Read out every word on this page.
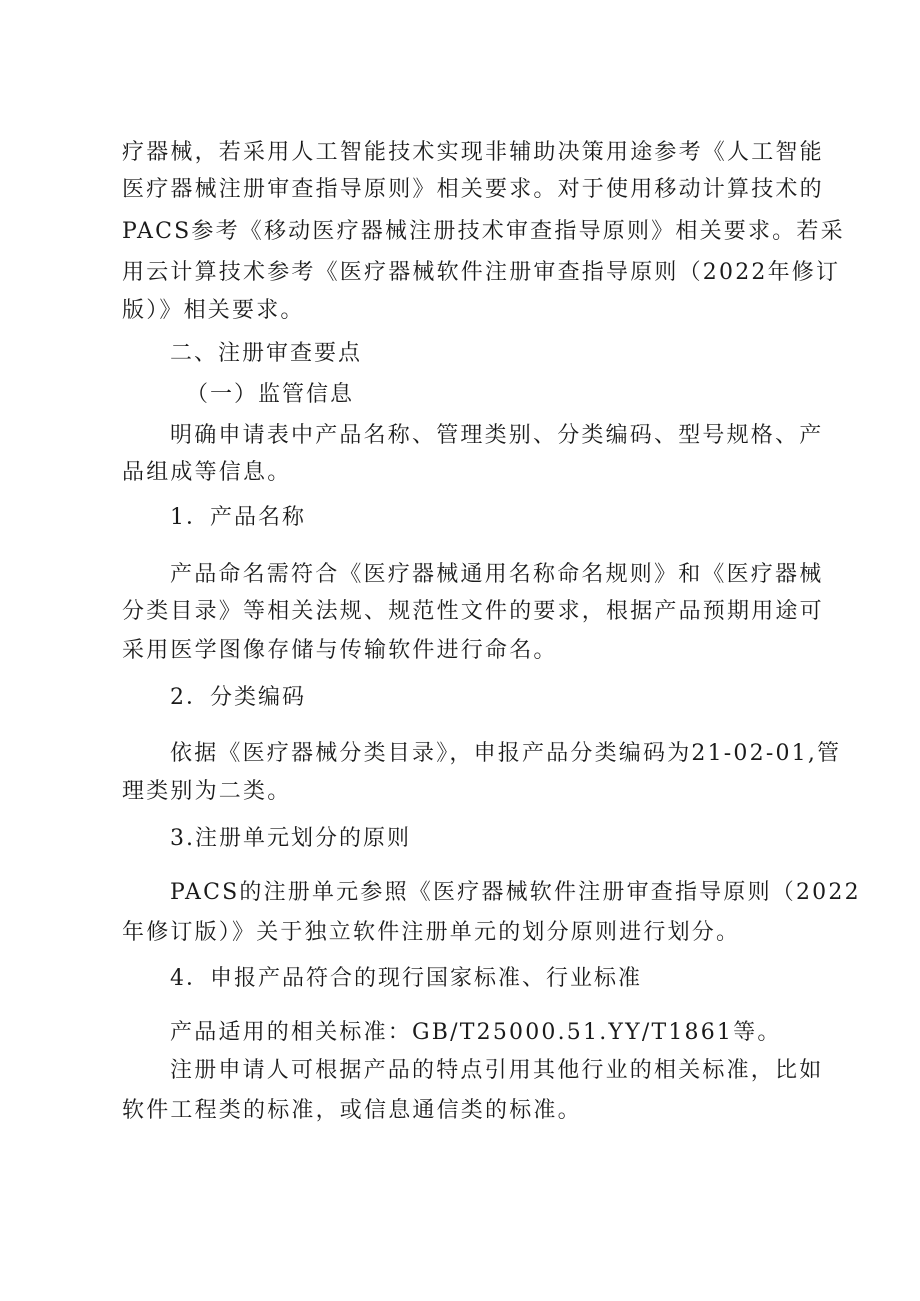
疗器械，若采用人工智能技术实现非辅助决策用途参考《人工智能
医疗器械注册审查指导原则》相关要求。对于使用移动计算技术的
PACS参考《移动医疗器械注册技术审查指导原则》相关要求。若采
用云计算技术参考《医疗器械软件注册审查指导原则（2022年修订
版）》相关要求。
二、注册审查要点
（一）监管信息
明确申请表中产品名称、管理类别、分类编码、型号规格、产
品组成等信息。
1．产品名称
产品命名需符合《医疗器械通用名称命名规则》和《医疗器械
分类目录》等相关法规、规范性文件的要求，根据产品预期用途可
采用医学图像存储与传输软件进行命名。
2．分类编码
依据《医疗器械分类目录》，申报产品分类编码为21-02-01,管
理类别为二类。
3.注册单元划分的原则
PACS的注册单元参照《医疗器械软件注册审查指导原则（2022
年修订版）》关于独立软件注册单元的划分原则进行划分。
4．申报产品符合的现行国家标准、行业标准
产品适用的相关标准：GB/T25000.51.YY/T1861等。
注册申请人可根据产品的特点引用其他行业的相关标准，比如
软件工程类的标准，或信息通信类的标准。
